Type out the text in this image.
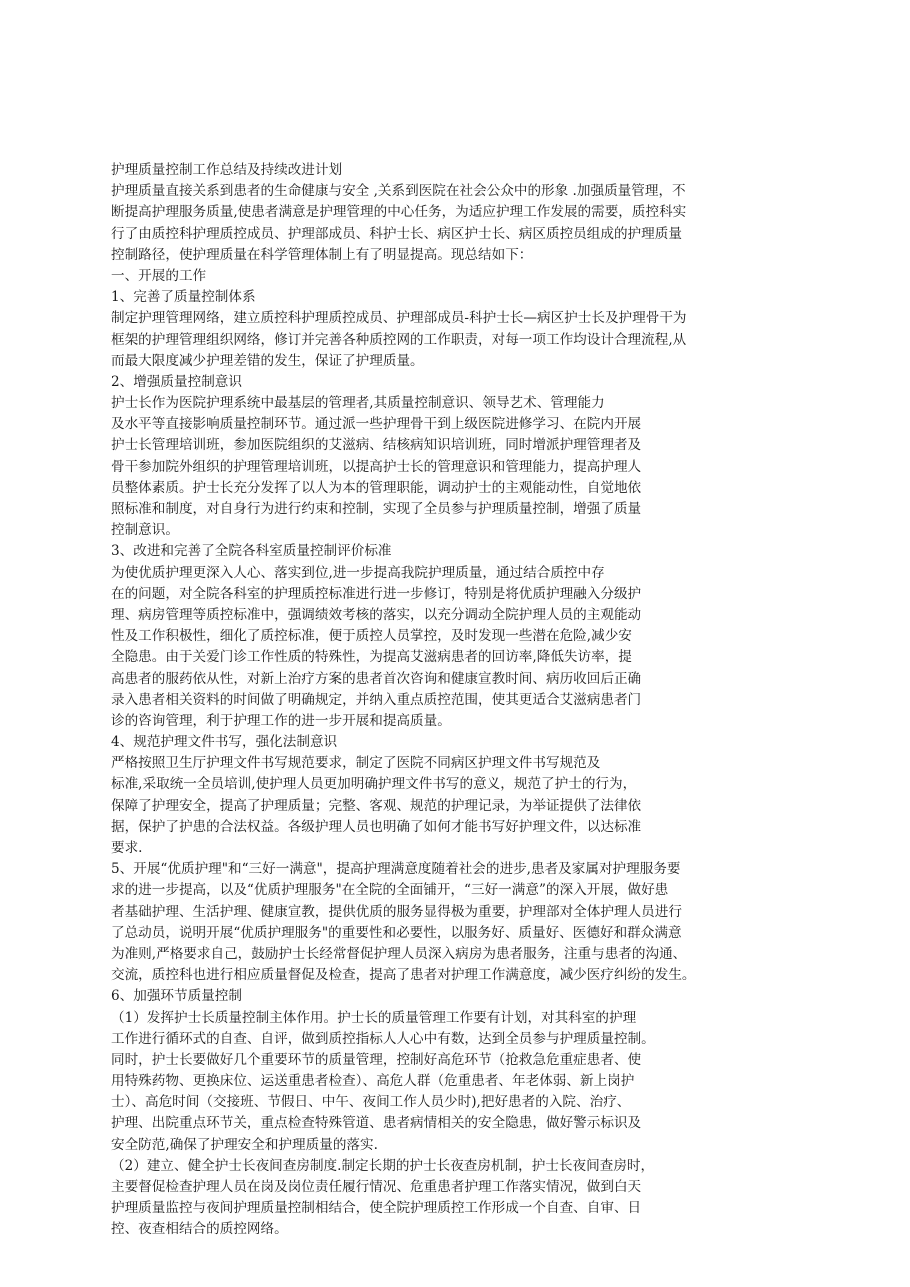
护理质量控制工作总结及持续改进计划
护理质量直接关系到患者的生命健康与安全 ,关系到医院在社会公众中的形象 .加强质量管理，不
断提高护理服务质量,使患者满意是护理管理的中心任务，为适应护理工作发展的需要，质控科实
行了由质控科护理质控成员、护理部成员、科护士长、病区护士长、病区质控员组成的护理质量
控制路径，使护理质量在科学管理体制上有了明显提高。现总结如下：
一、开展的工作
1、完善了质量控制体系
制定护理管理网络，建立质控科护理质控成员、护理部成员-科护士长—病区护士长及护理骨干为
框架的护理管理组织网络，修订并完善各种质控网的工作职责，对每一项工作均设计合理流程,从
而最大限度减少护理差错的发生，保证了护理质量。
2、增强质量控制意识
护士长作为医院护理系统中最基层的管理者,其质量控制意识、领导艺术、管理能力
及水平等直接影响质量控制环节。通过派一些护理骨干到上级医院进修学习、在院内开展
护士长管理培训班，参加医院组织的艾滋病、结核病知识培训班，同时增派护理管理者及
骨干参加院外组织的护理管理培训班，以提高护士长的管理意识和管理能力，提高护理人
员整体素质。护士长充分发挥了以人为本的管理职能，调动护士的主观能动性，自觉地依
照标准和制度，对自身行为进行约束和控制，实现了全员参与护理质量控制，增强了质量
控制意识。
3、改进和完善了全院各科室质量控制评价标准
为使优质护理更深入人心、落实到位,进一步提高我院护理质量，通过结合质控中存
在的问题，对全院各科室的护理质控标准进行进一步修订，特别是将优质护理融入分级护
理、病房管理等质控标准中，强调绩效考核的落实，以充分调动全院护理人员的主观能动
性及工作积极性，细化了质控标准，便于质控人员掌控，及时发现一些潜在危险,减少安
全隐患。由于关爱门诊工作性质的特殊性，为提高艾滋病患者的回访率,降低失访率，提
高患者的服药依从性，对新上治疗方案的患者首次咨询和健康宣教时间、病历收回后正确
录入患者相关资料的时间做了明确规定，并纳入重点质控范围，使其更适合艾滋病患者门
诊的咨询管理，利于护理工作的进一步开展和提高质量。
4、规范护理文件书写，强化法制意识
严格按照卫生厅护理文件书写规范要求，制定了医院不同病区护理文件书写规范及
标准,采取统一全员培训,使护理人员更加明确护理文件书写的意义，规范了护士的行为，
保障了护理安全，提高了护理质量；完整、客观、规范的护理记录，为举证提供了法律依
据，保护了护患的合法权益。各级护理人员也明确了如何才能书写好护理文件，以达标准
要求.
5、开展“优质护理"和“三好一满意"，提高护理满意度随着社会的进步,患者及家属对护理服务要
求的进一步提高，以及“优质护理服务"在全院的全面铺开，“三好一满意”的深入开展，做好患
者基础护理、生活护理、健康宣教，提供优质的服务显得极为重要，护理部对全体护理人员进行
了总动员，说明开展“优质护理服务"的重要性和必要性，以服务好、质量好、医德好和群众满意
为准则,严格要求自己，鼓励护士长经常督促护理人员深入病房为患者服务，注重与患者的沟通、
交流，质控科也进行相应质量督促及检查，提高了患者对护理工作满意度，减少医疗纠纷的发生。
6、加强环节质量控制
（1）发挥护士长质量控制主体作用。护士长的质量管理工作要有计划，对其科室的护理
工作进行循环式的自查、自评，做到质控指标人人心中有数，达到全员参与护理质量控制。
同时，护士长要做好几个重要环节的质量管理，控制好高危环节（抢救急危重症患者、使
用特殊药物、更换床位、运送重患者检查）、高危人群（危重患者、年老体弱、新上岗护
士）、高危时间（交接班、节假日、中午、夜间工作人员少时),把好患者的入院、治疗、
护理、出院重点环节关，重点检查特殊管道、患者病情相关的安全隐患，做好警示标识及
安全防范,确保了护理安全和护理质量的落实.
（2）建立、健全护士长夜间查房制度.制定长期的护士长夜查房机制，护士长夜间查房时，
主要督促检查护理人员在岗及岗位责任履行情况、危重患者护理工作落实情况，做到白天
护理质量监控与夜间护理质量控制相结合，使全院护理质控工作形成一个自查、自审、日
控、夜查相结合的质控网络。
